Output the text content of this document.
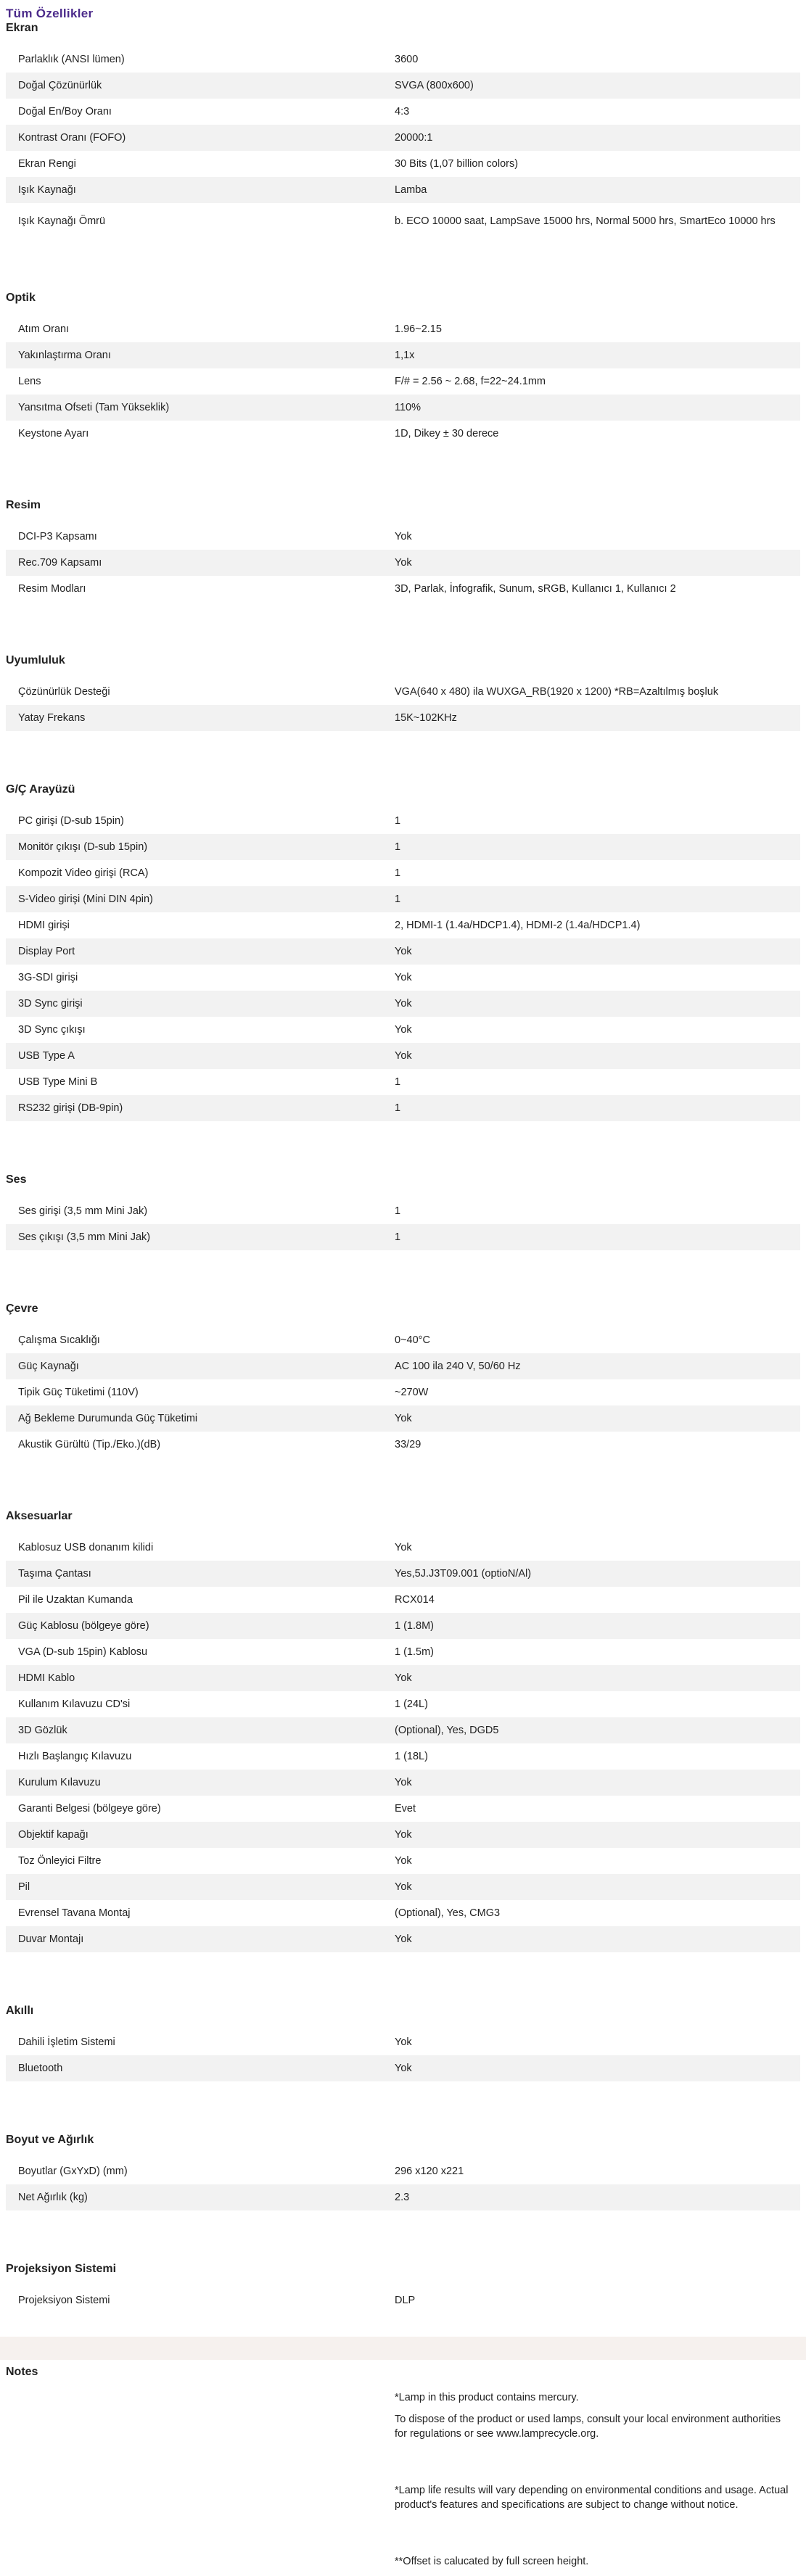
Tüm Özellikler
Ekran
Parlaklık (ANSI lümen)	3600
Doğal Çözünürlük	SVGA (800x600)
Doğal En/Boy Oranı	4:3
Kontrast Oranı (FOFO)	20000:1
Ekran Rengi	30 Bits (1,07 billion colors)
Işık Kaynağı	Lamba
Işık Kaynağı Ömrü	b. ECO 10000 saat, LampSave 15000 hrs, Normal 5000 hrs, SmartEco 10000 hrs
Optik
Atım Oranı	1.96~2.15
Yakınlaştırma Oranı	1,1x
Lens	F/# = 2.56 ~ 2.68, f=22~24.1mm
Yansıtma Ofseti (Tam Yükseklik)	110%
Keystone Ayarı	1D, Dikey ± 30 derece
Resim
DCI-P3 Kapsamı	Yok
Rec.709 Kapsamı	Yok
Resim Modları	3D, Parlak, İnfografik, Sunum, sRGB, Kullanıcı 1, Kullanıcı 2
Uyumluluk
Çözünürlük Desteği	VGA(640 x 480) ila WUXGA_RB(1920 x 1200) *RB=Azaltılmış boşluk
Yatay Frekans	15K~102KHz
G/Ç Arayüzü
PC girişi (D-sub 15pin)	1
Monitör çıkışı (D-sub 15pin)	1
Kompozit Video girişi (RCA)	1
S-Video girişi (Mini DIN 4pin)	1
HDMI girişi	2, HDMI-1 (1.4a/HDCP1.4), HDMI-2 (1.4a/HDCP1.4)
Display Port	Yok
3G-SDI girişi	Yok
3D Sync girişi	Yok
3D Sync çıkışı	Yok
USB Type A	Yok
USB Type Mini B	1
RS232 girişi (DB-9pin)	1
Ses
Ses girişi (3,5 mm Mini Jak)	1
Ses çıkışı (3,5 mm Mini Jak)	1
Çevre
Çalışma Sıcaklığı	0~40°C
Güç Kaynağı	AC 100 ila 240 V, 50/60 Hz
Tipik Güç Tüketimi (110V)	~270W
Ağ Bekleme Durumunda Güç Tüketimi	Yok
Akustik Gürültü (Tip./Eko.)(dB)	33/29
Aksesuarlar
Kablosuz USB donanım kilidi	Yok
Taşıma Çantası	Yes,5J.J3T09.001 (optioN/Al)
Pil ile Uzaktan Kumanda	RCX014
Güç Kablosu (bölgeye göre)	1 (1.8M)
VGA (D-sub 15pin) Kablosu	1 (1.5m)
HDMI Kablo	Yok
Kullanım Kılavuzu CD'si	1 (24L)
3D Gözlük	(Optional), Yes, DGD5
Hızlı Başlangıç Kılavuzu	1 (18L)
Kurulum Kılavuzu	Yok
Garanti Belgesi (bölgeye göre)	Evet
Objektif kapağı	Yok
Toz Önleyici Filtre	Yok
Pil	Yok
Evrensel Tavana Montaj	(Optional), Yes, CMG3
Duvar Montajı	Yok
Akıllı
Dahili İşletim Sistemi	Yok
Bluetooth	Yok
Boyut ve Ağırlık
Boyutlar (GxYxD) (mm)	296 x120 x221
Net Ağırlık (kg)	2.3
Projeksiyon Sistemi
Projeksiyon Sistemi	DLP
Notes

*Lamp in this product contains mercury.

To dispose of the product or used lamps, consult your local environment authorities for regulations or see www.lamprecycle.org.

*Lamp life results will vary depending on environmental conditions and usage. Actual product's features and specifications are subject to change without notice.

**Offset is calucated by full screen height.
